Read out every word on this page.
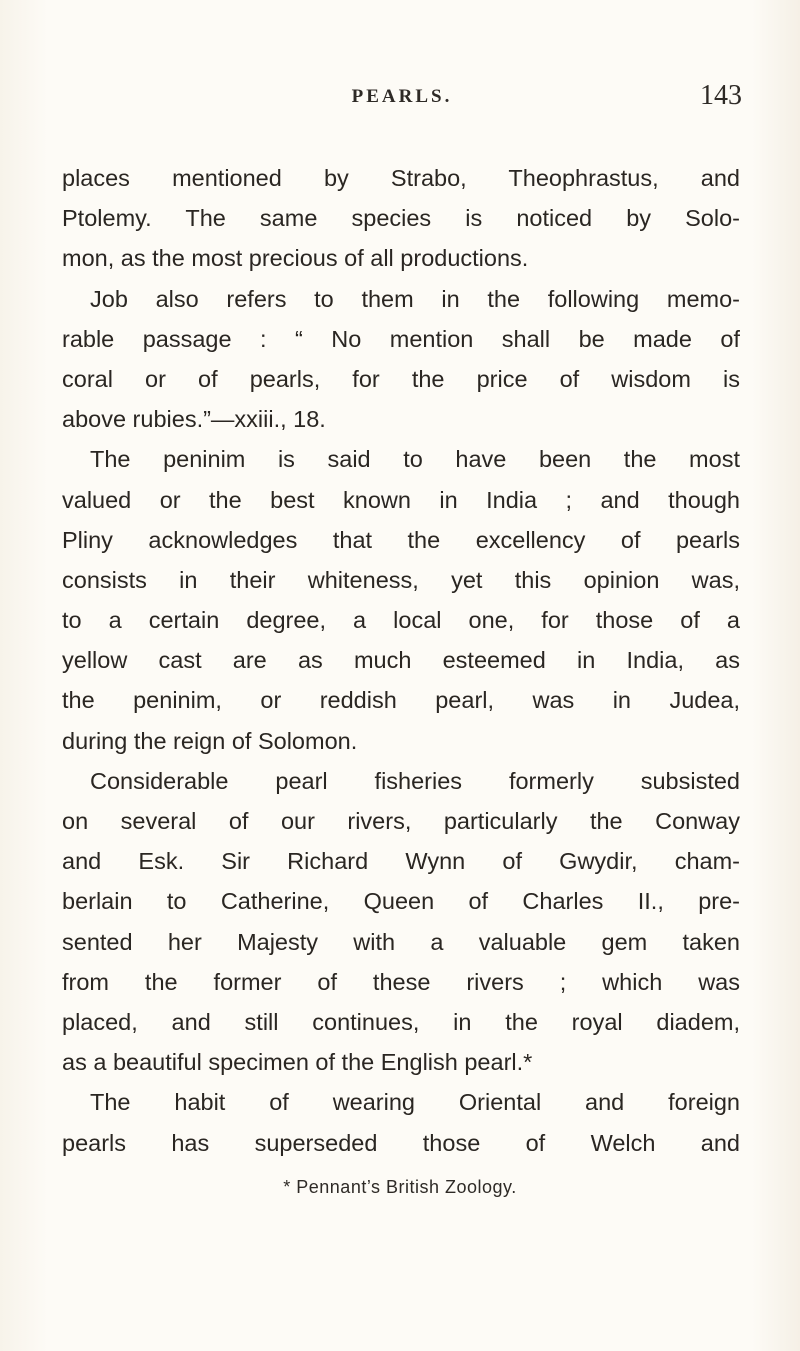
PEARLS.	143
places mentioned by Strabo, Theophrastus, and
Ptolemy. The same species is noticed by Solo-
mon, as the most precious of all productions.
Job also refers to them in the following memo-
rable passage : “ No mention shall be made of
coral or of pearls, for the price of wisdom is
above rubies.”—xxiii., 18.
The peninim is said to have been the most
valued or the best known in India ; and though
Pliny acknowledges that the excellency of pearls
consists in their whiteness, yet this opinion was,
to a certain degree, a local one, for those of a
yellow cast are as much esteemed in India, as
the peninim, or reddish pearl, was in Judea,
during the reign of Solomon.
Considerable pearl fisheries formerly subsisted
on several of our rivers, particularly the Conway
and Esk. Sir Richard Wynn of Gwydir, cham-
berlain to Catherine, Queen of Charles II., pre-
sented her Majesty with a valuable gem taken
from the former of these rivers ; which was
placed, and still continues, in the royal diadem,
as a beautiful specimen of the English pearl.*
The habit of wearing Oriental and foreign
pearls has superseded those of Welch and
* Pennant’s British Zoology.
